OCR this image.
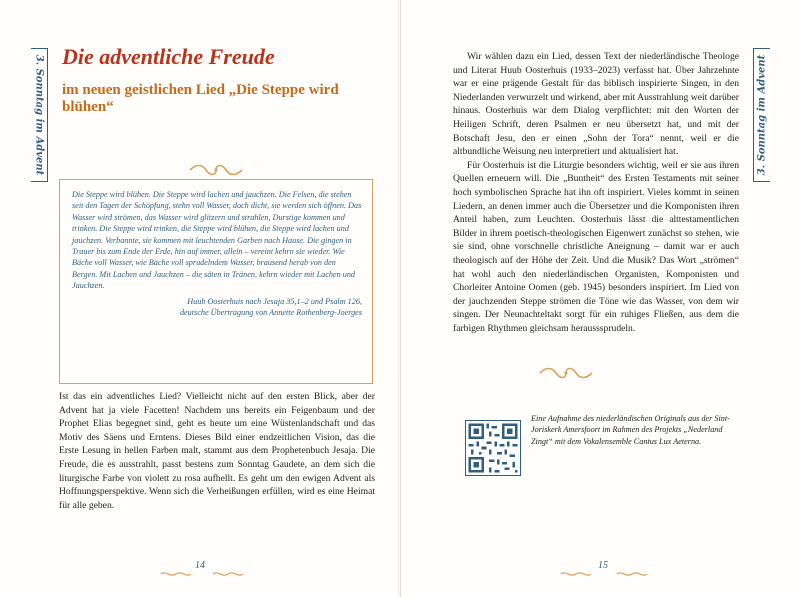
3. Sonntag im Advent Die adventliche Freude
im neuen geistlichen Lied „Die Steppe wird blühen“

Die Steppe wird blühen. Die Steppe wird lachen und jauchzen. Die Felsen, die stehen seit den Tagen der Schöpfung, stehn voll Wasser, doch dicht, sie werden sich öffnen. Das Wasser wird strömen, das Wasser wird glitzern und strahlen, Durstige kommen und trinken. Die Steppe wird trinken, die Steppe wird blühen, die Steppe wird lachen und jauchzen. Verbannte, sie kommen mit leuchtenden Garben nach Hause. Die gingen in Trauer bis zum Ende der Erde, hin auf immer, allein – vereint kehrn sie wieder. Wie Bäche voll Wasser, wie Bäche voll sprudelndem Wasser, brausend herab von den Bergen. Mit Lachen und Jauchzen – die säten in Tränen, kehrn wieder mit Lachen und Jauchzen.

Huub Oosterhuis nach Jesaja 35,1–2 und Psalm 126,
deutsche Übertragung von Annette Rothenberg-Joerges

Ist das ein adventliches Lied? Vielleicht nicht auf den ersten Blick, aber der Advent hat ja viele Facetten! Nachdem uns bereits ein Feigenbaum und der Prophet Elias begegnet sind, geht es heute um eine Wüstenlandschaft und das Motiv des Säens und Erntens. Dieses Bild einer endzeitlichen Vision, das die Erste Lesung in hellen Farben malt, stammt aus dem Prophetenbuch Jesaja. Die Freude, die es ausstrahlt, passt bestens zum Sonntag Gaudete, an dem sich die liturgische Farbe von violett zu rosa aufhellt. Es geht um den ewigen Advent als Hoffnungsperspektive. Wenn sich die Verheißungen erfüllen, wird es eine Heimat für alle geben.

14
3. Sonntag im Advent

Wir wählen dazu ein Lied, dessen Text der niederländische Theologe und Literat Huub Oosterhuis (1933–2023) verfasst hat. Über Jahrzehnte war er eine prägende Gestalt für das biblisch inspirierte Singen, in den Niederlanden verwurzelt und wirkend, aber mit Ausstrahlung weit darüber hinaus. Oosterhuis war dem Dialog verpflichtet: mit den Worten der Heiligen Schrift, deren Psalmen er neu übersetzt hat, und mit der Botschaft Jesu, den er einen „Sohn der Tora“ nennt, weil er die altbundliche Weisung neu interpretiert und aktualisiert hat.

Für Oosterhuis ist die Liturgie besonders wichtig, weil er sie aus ihren Quellen erneuern will. Die „Buntheit“ des Ersten Testaments mit seiner hoch symbolischen Sprache hat ihn oft inspiriert. Vieles kommt in seinen Liedern, an denen immer auch die Übersetzer und die Komponisten ihren Anteil haben, zum Leuchten. Oosterhuis lässt die alttestamentlichen Bilder in ihrem poetisch-theologischen Eigenwert zunächst so stehen, wie sie sind, ohne vorschnelle christliche Aneignung – damit war er auch theologisch auf der Höhe der Zeit. Und die Musik? Das Wort „strömen“ hat wohl auch den niederländischen Organisten, Komponisten und Chorleiter Antoine Oomen (geb. 1945) besonders inspiriert. Im Lied von der jauchzenden Steppe strömen die Töne wie das Wasser, von dem wir singen. Der Neunachteltakt sorgt für ein ruhiges Fließen, aus dem die farbigen Rhythmen gleichsam herausssprudeln.

Eine Aufnahme des niederländischen Originals aus der Sint-Joriskerk Amersfoort im Rahmen des Projekts „Nederland Zingt“ mit dem Vokalensemble Cantus Lux Aeterna.

15
